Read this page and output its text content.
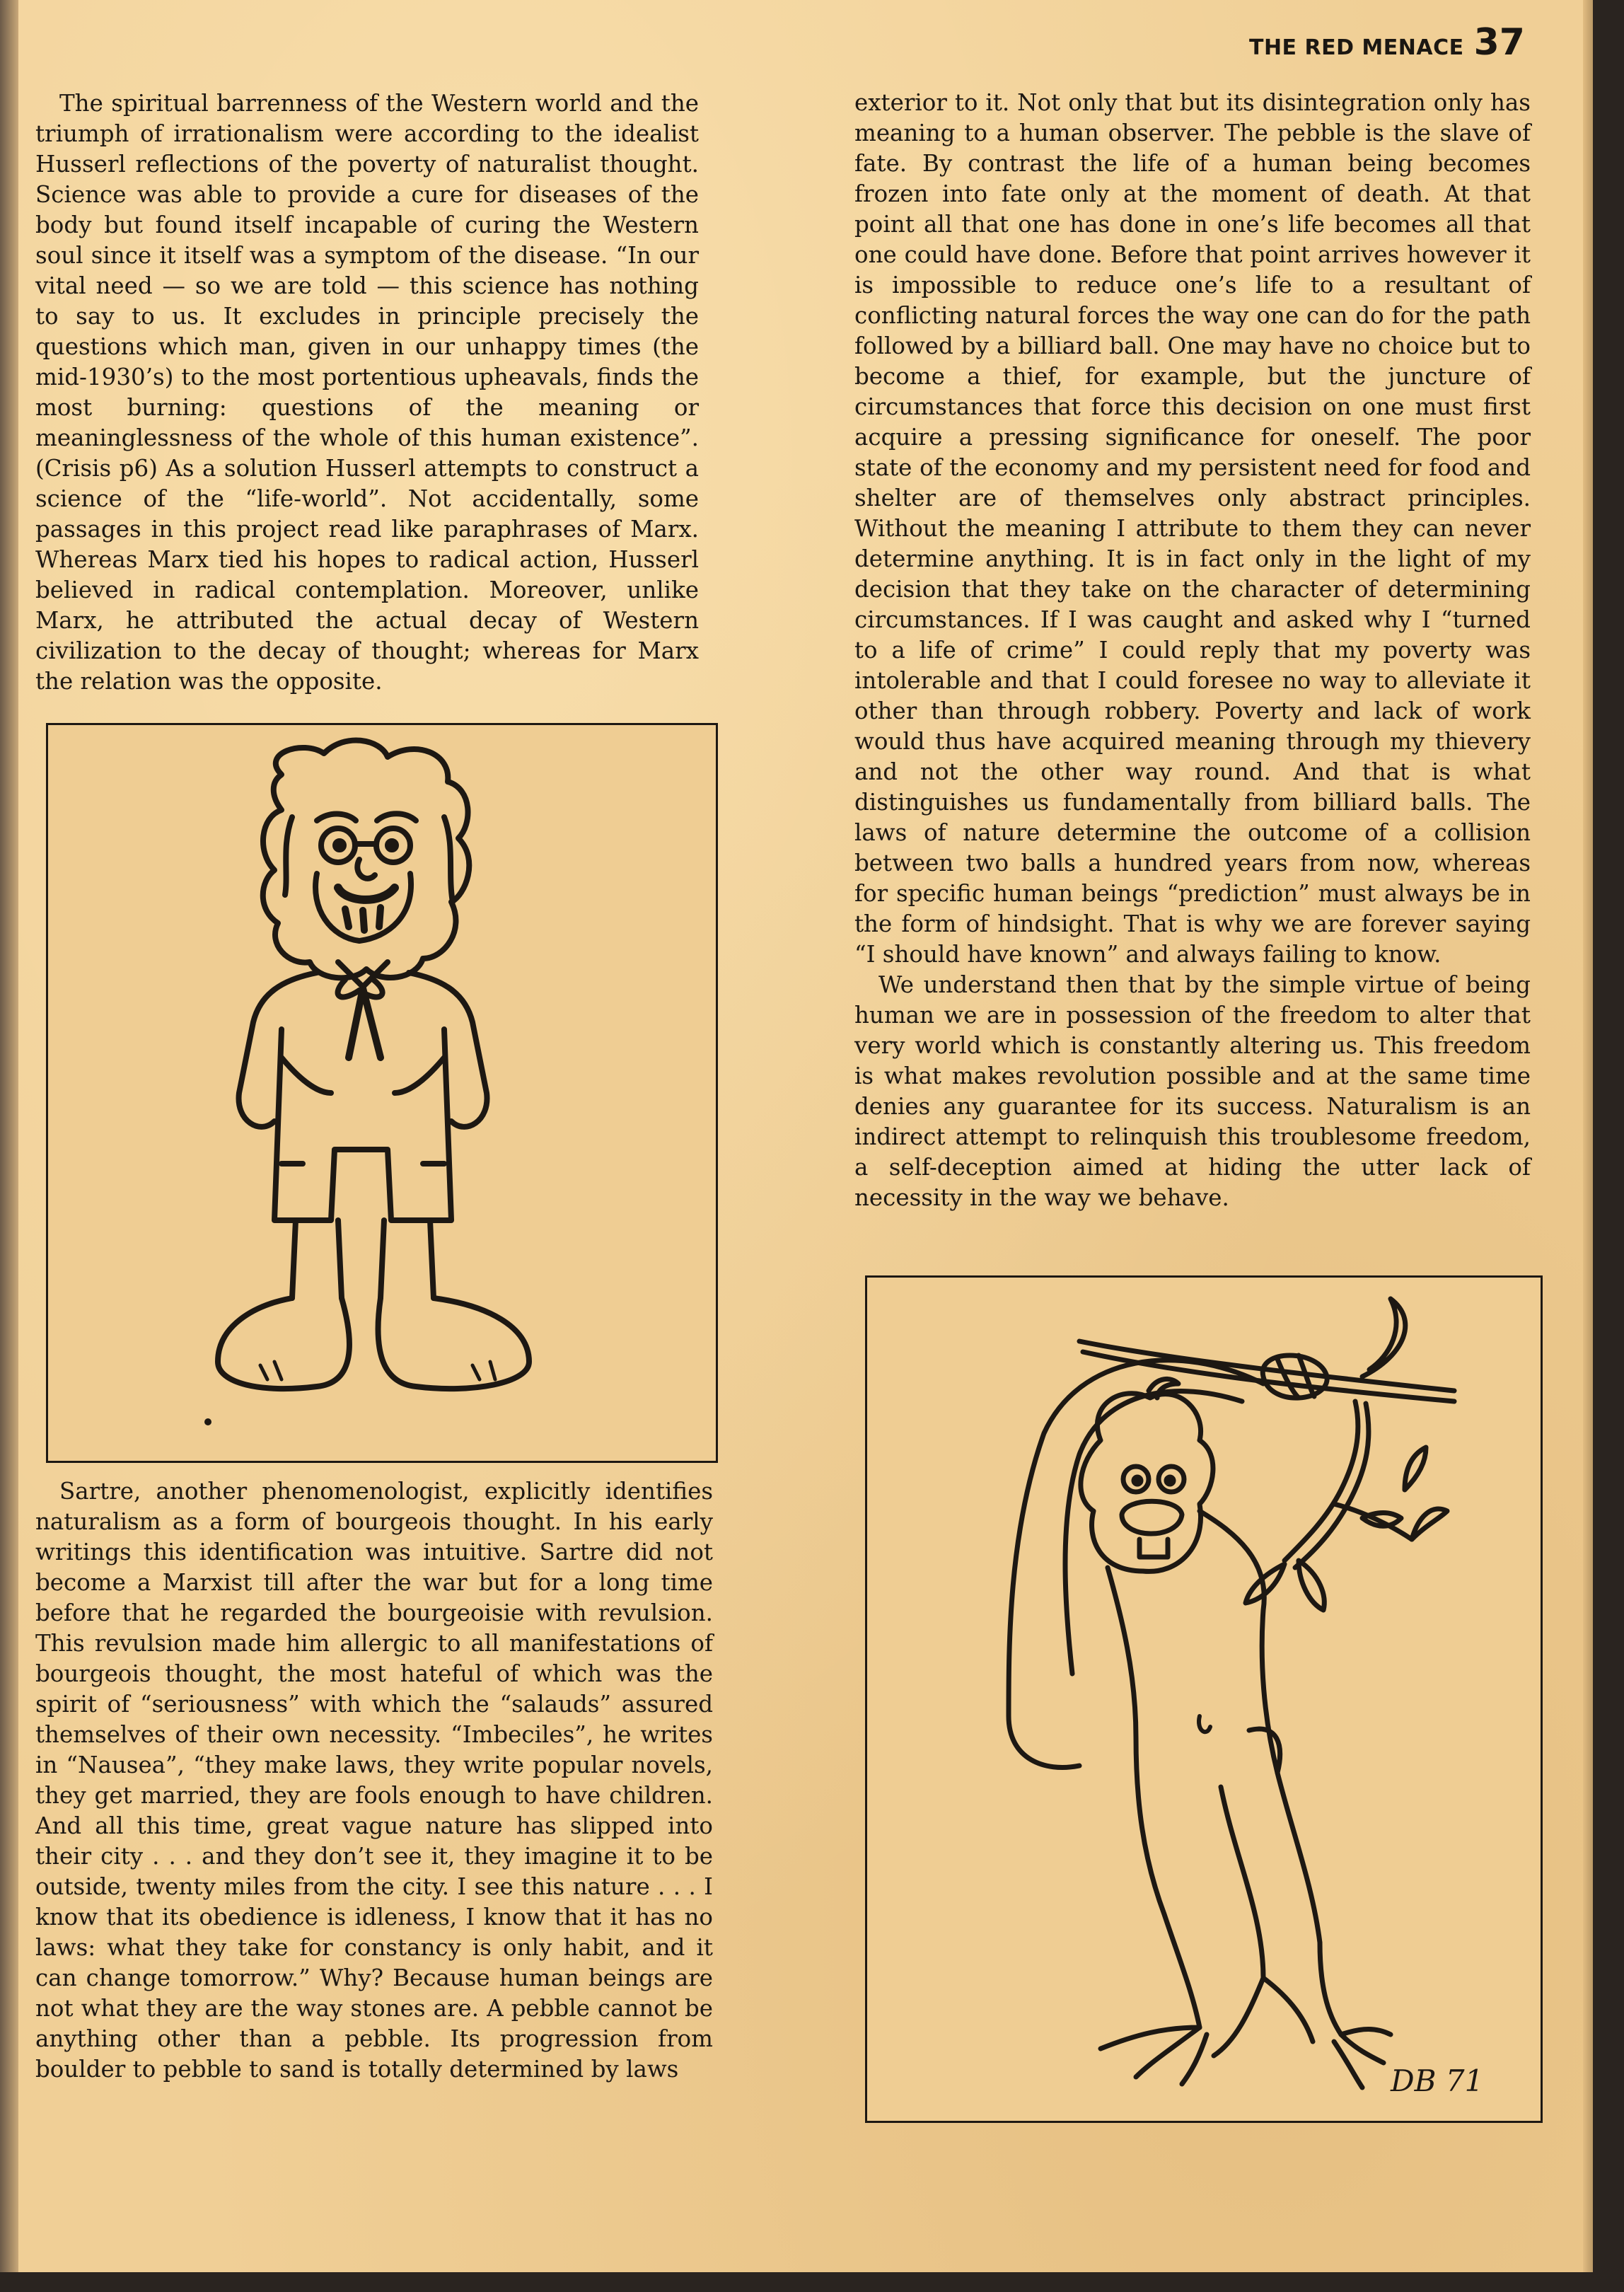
THE RED MENACE 37

The spiritual barrenness of the Western world and the triumph of irrationalism were according to the idealist Husserl reflections of the poverty of naturalist thought. Science was able to provide a cure for diseases of the body but found itself incapable of curing the Western soul since it itself was a symptom of the disease. “In our vital need — so we are told — this science has nothing to say to us. It excludes in principle precisely the questions which man, given in our unhappy times (the mid-1930’s) to the most portentious upheavals, finds the most burning: questions of the meaning or meaninglessness of the whole of this human existence”. (Crisis p6) As a solution Husserl attempts to construct a science of the “life-world”. Not accidentally, some passages in this project read like paraphrases of Marx. Whereas Marx tied his hopes to radical action, Husserl believed in radical contemplation. Moreover, unlike Marx, he attributed the actual decay of Western civilization to the decay of thought; whereas for Marx the relation was the opposite.

Sartre, another phenomenologist, explicitly identifies naturalism as a form of bourgeois thought. In his early writings this identification was intuitive. Sartre did not become a Marxist till after the war but for a long time before that he regarded the bourgeoisie with revulsion. This revulsion made him allergic to all manifestations of bourgeois thought, the most hateful of which was the spirit of “seriousness” with which the “salauds” assured themselves of their own necessity. “Imbeciles”, he writes in “Nausea”, “they make laws, they write popular novels, they get married, they are fools enough to have children. And all this time, great vague nature has slipped into their city . . . and they don’t see it, they imagine it to be outside, twenty miles from the city. I see this nature . . . I know that its obedience is idleness, I know that it has no laws: what they take for constancy is only habit, and it can change tomorrow.” Why? Because human beings are not what they are the way stones are. A pebble cannot be anything other than a pebble. Its progression from boulder to pebble to sand is totally determined by laws

exterior to it. Not only that but its disintegration only has meaning to a human observer. The pebble is the slave of fate. By contrast the life of a human being becomes frozen into fate only at the moment of death. At that point all that one has done in one’s life becomes all that one could have done. Before that point arrives however it is impossible to reduce one’s life to a resultant of conflicting natural forces the way one can do for the path followed by a billiard ball. One may have no choice but to become a thief, for example, but the juncture of circumstances that force this decision on one must first acquire a pressing significance for oneself. The poor state of the economy and my persistent need for food and shelter are of themselves only abstract principles. Without the meaning I attribute to them they can never determine anything. It is in fact only in the light of my decision that they take on the character of determining circumstances. If I was caught and asked why I “turned to a life of crime” I could reply that my poverty was intolerable and that I could foresee no way to alleviate it other than through robbery. Poverty and lack of work would thus have acquired meaning through my thievery and not the other way round. And that is what distinguishes us fundamentally from billiard balls. The laws of nature determine the outcome of a collision between two balls a hundred years from now, whereas for specific human beings “prediction” must always be in the form of hindsight. That is why we are forever saying “I should have known” and always failing to know.

We understand then that by the simple virtue of being human we are in possession of the freedom to alter that very world which is constantly altering us. This freedom is what makes revolution possible and at the same time denies any guarantee for its success. Naturalism is an indirect attempt to relinquish this troublesome freedom, a self-deception aimed at hiding the utter lack of necessity in the way we behave.

DB 71
